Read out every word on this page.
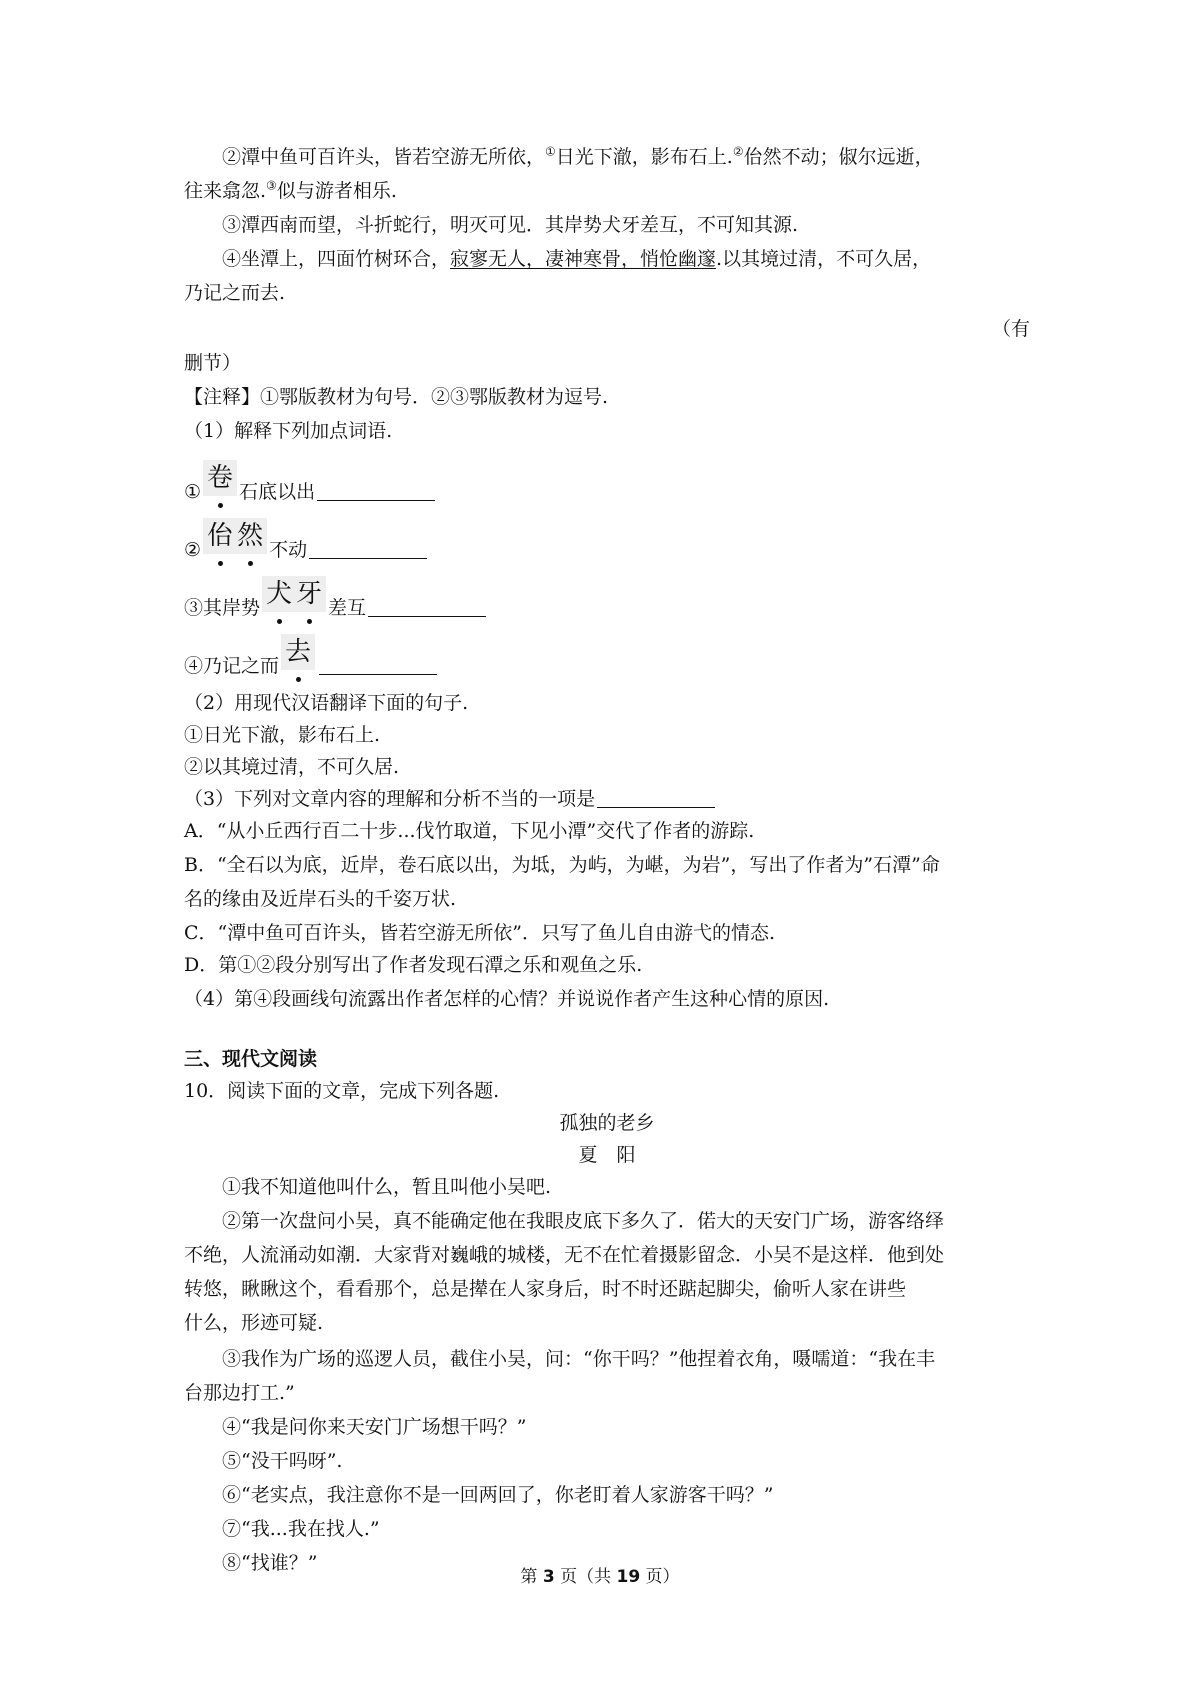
②潭中鱼可百许头，皆若空游无所依，①日光下澈，影布石上.②佁然不动；俶尔远逝，
往来翕忽.③似与游者相乐.
③潭西南而望，斗折蛇行，明灭可见．其岸势犬牙差互，不可知其源.
④坐潭上，四面竹树环合，寂寥无人，凄神寒骨，悄怆幽邃.以其境过清，不可久居，
乃记之而去.
（有
删节）
【注释】①鄂版教材为句号．②③鄂版教材为逗号.
（1）解释下列加点词语.
① 卷 石底以出
② 佁 然 不动
③其岸势 犬 牙 差互
④乃记之而 去
（2）用现代汉语翻译下面的句子.
①日光下澈，影布石上.
②以其境过清，不可久居.
（3）下列对文章内容的理解和分析不当的一项是
A．“从小丘西行百二十步...伐竹取道，下见小潭”交代了作者的游踪.
B．“全石以为底，近岸，卷石底以出，为坻，为屿，为嵁，为岩”，写出了作者为”石潭”命
名的缘由及近岸石头的千姿万状.
C．“潭中鱼可百许头，皆若空游无所依”．只写了鱼儿自由游弋的情态.
D．第①②段分别写出了作者发现石潭之乐和观鱼之乐.
（4）第④段画线句流露出作者怎样的心情？并说说作者产生这种心情的原因.
三、现代文阅读
10．阅读下面的文章，完成下列各题.
孤独的老乡
夏　阳
①我不知道他叫什么，暂且叫他小吴吧.
②第一次盘问小吴，真不能确定他在我眼皮底下多久了．偌大的天安门广场，游客络绎
不绝，人流涌动如潮．大家背对巍峨的城楼，无不在忙着摄影留念．小吴不是这样．他到处
转悠，瞅瞅这个，看看那个，总是撵在人家身后，时不时还踮起脚尖，偷听人家在讲些
什么，形迹可疑.
③我作为广场的巡逻人员，截住小吴，问：“你干吗？”他捏着衣角，嗫嚅道：“我在丰
台那边打工.”
④“我是问你来天安门广场想干吗？”
⑤“没干吗呀”.
⑥“老实点，我注意你不是一回两回了，你老盯着人家游客干吗？”
⑦“我...我在找人.”
⑧“找谁？”
第 3 页（共 19 页）
